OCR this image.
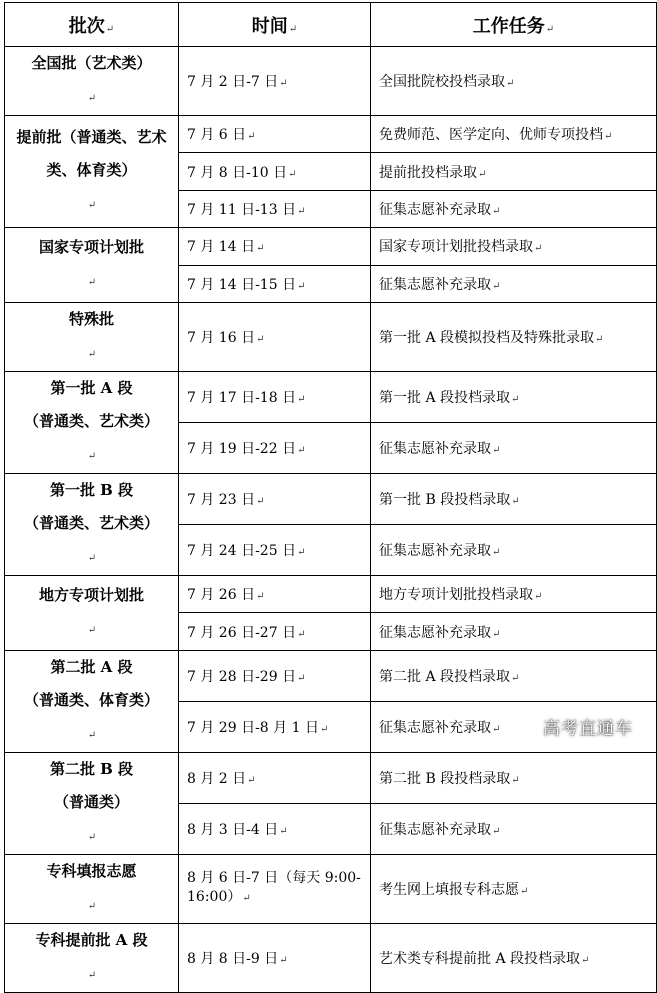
批次↵	时间↵	工作任务↵

全国批（艺术类）
↵	7 月 2 日-7 日↵	全国批院校投档录取↵

提前批（普通类、艺术
类、体育类）
↵	7 月 6 日↵	免费师范、医学定向、优师专项投档↵
	7 月 8 日-10 日↵	提前批投档录取↵
	7 月 11 日-13 日↵	征集志愿补充录取↵

国家专项计划批
↵	7 月 14 日↵	国家专项计划批投档录取↵
	7 月 14 日-15 日↵	征集志愿补充录取↵

特殊批
↵	7 月 16 日↵	第一批 A 段模拟投档及特殊批录取↵

第一批 A 段
（普通类、艺术类）
↵	7 月 17 日-18 日↵	第一批 A 段投档录取↵
	7 月 19 日-22 日↵	征集志愿补充录取↵

第一批 B 段
（普通类、艺术类）
↵	7 月 23 日↵	第一批 B 段投档录取↵
	7 月 24 日-25 日↵	征集志愿补充录取↵

地方专项计划批
↵	7 月 26 日↵	地方专项计划批投档录取↵
	7 月 26 日-27 日↵	征集志愿补充录取↵

第二批 A 段
（普通类、体育类）
↵	7 月 28 日-29 日↵	第二批 A 段投档录取↵
	7 月 29 日-8 月 1 日↵	征集志愿补充录取↵

第二批 B 段
（普通类）
↵	8 月 2 日↵	第二批 B 段投档录取↵
	8 月 3 日-4 日↵	征集志愿补充录取↵

专科填报志愿
↵	8 月 6 日-7 日（每天 9:00-16:00）↵	考生网上填报专科志愿↵

专科提前批 A 段
↵	8 月 8 日-9 日↵	艺术类专科提前批 A 段投档录取↵
高考直通车
